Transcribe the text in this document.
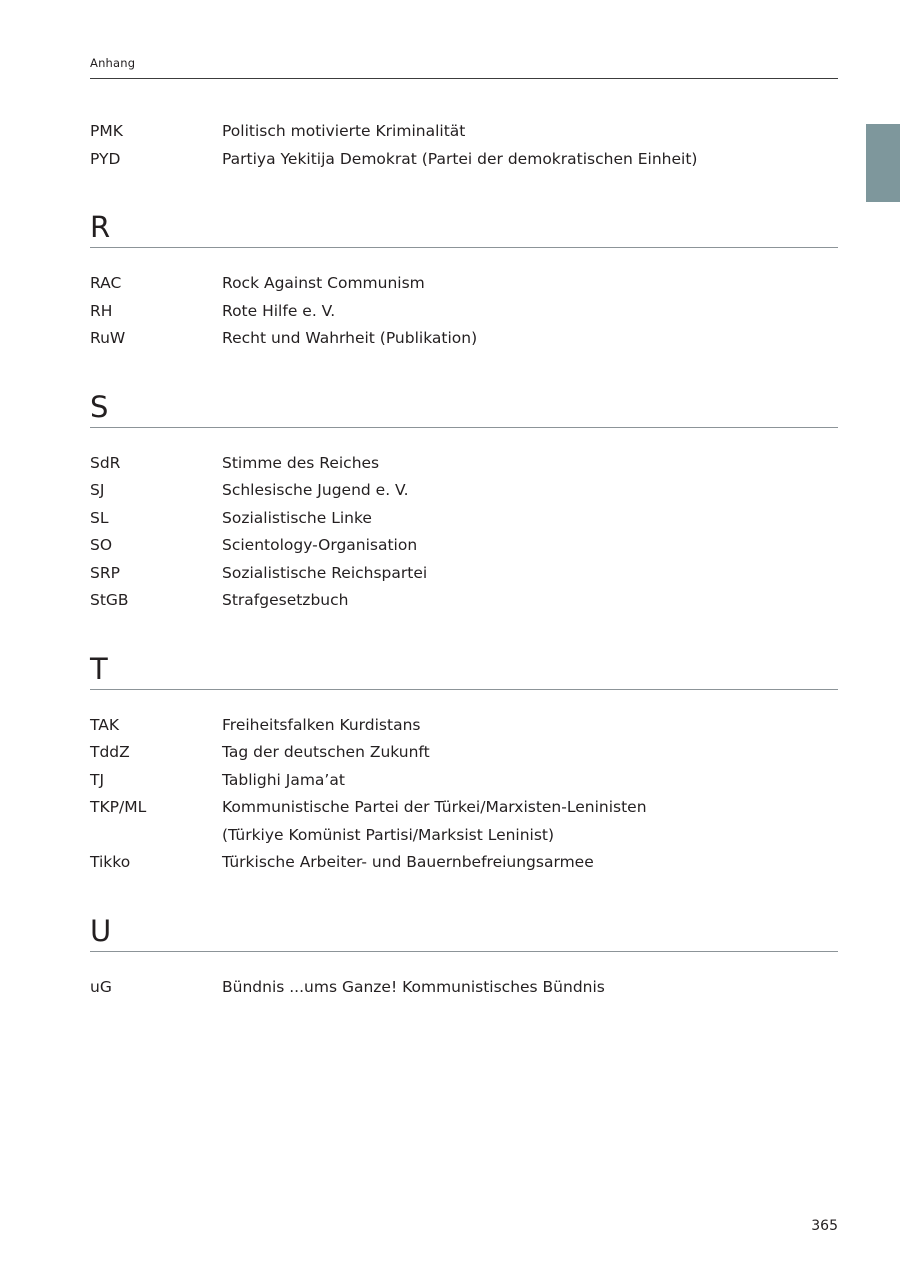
Anhang
PMK	Politisch motivierte Kriminalität
PYD	Partiya Yekitija Demokrat (Partei der demokratischen Einheit)
R
RAC	Rock Against Communism
RH	Rote Hilfe e. V.
RuW	Recht und Wahrheit (Publikation)
S
SdR	Stimme des Reiches
SJ	Schlesische Jugend e. V.
SL	Sozialistische Linke
SO	Scientology-Organisation
SRP	Sozialistische Reichspartei
StGB	Strafgesetzbuch
T
TAK	Freiheitsfalken Kurdistans
TddZ	Tag der deutschen Zukunft
TJ	Tablighi Jama’at
TKP/ML	Kommunistische Partei der Türkei/Marxisten-Leninisten
(Türkiye Komünist Partisi/Marksist Leninist)
Tikko	Türkische Arbeiter- und Bauernbefreiungsarmee
U
uG	Bündnis ...ums Ganze! Kommunistisches Bündnis
365
